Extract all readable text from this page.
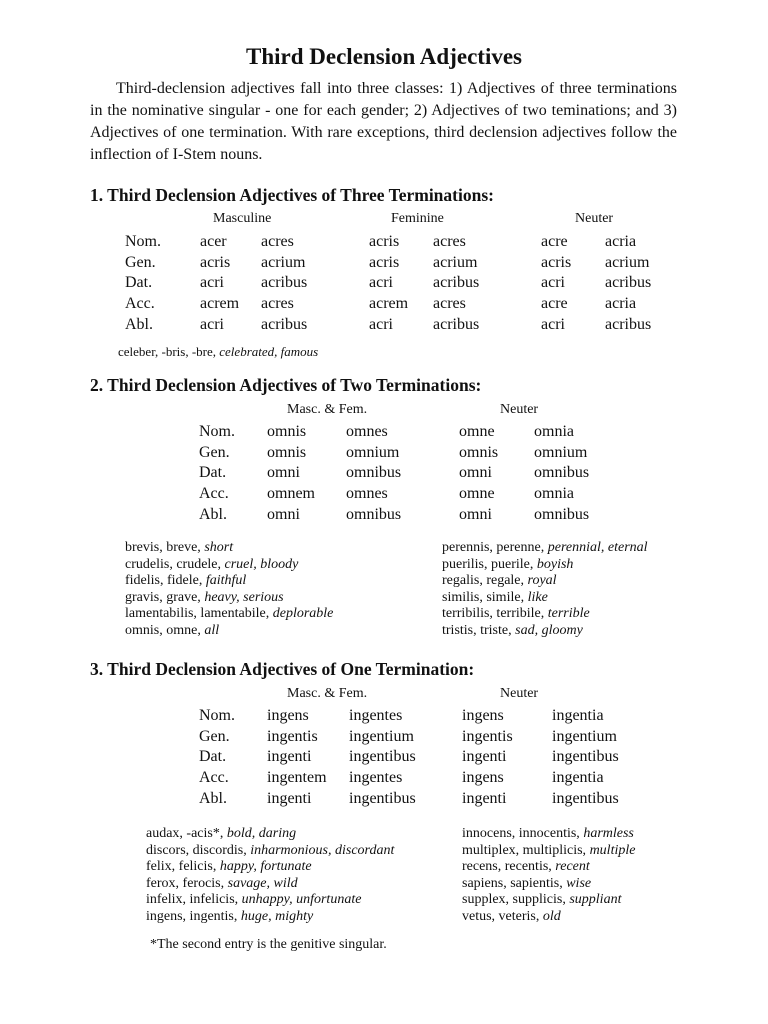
Third Declension Adjectives

Third-declension adjectives fall into three classes: 1) Adjectives of three terminations in the nominative singular - one for each gender; 2) Adjectives of two teminations; and 3) Adjectives of one termination. With rare exceptions, third declension adjectives follow the inflection of I-Stem nouns.

1. Third Declension Adjectives of Three Terminations:
Masculine	Feminine	Neuter
Nom.	acer	acres	acris	acres	acre	acria
Gen.	acris	acrium	acris	acrium	acris	acrium
Dat.	acri	acribus	acri	acribus	acri	acribus
Acc.	acrem	acres	acrem	acres	acre	acria
Abl.	acri	acribus	acri	acribus	acri	acribus
celeber, -bris, -bre, celebrated, famous
2. Third Declension Adjectives of Two Terminations:
Masc. & Fem.	Neuter
Nom.	omnis	omnes	omne	omnia
Gen.	omnis	omnium	omnis	omnium
Dat.	omni	omnibus	omni	omnibus
Acc.	omnem	omnes	omne	omnia
Abl.	omni	omnibus	omni	omnibus
brevis, breve, short
crudelis, crudele, cruel, bloody
fidelis, fidele, faithful
gravis, grave, heavy, serious
lamentabilis, lamentabile, deplorable
omnis, omne, all
perennis, perenne, perennial, eternal
puerilis, puerile, boyish
regalis, regale, royal
similis, simile, like
terribilis, terribile, terrible
tristis, triste, sad, gloomy
3. Third Declension Adjectives of One Termination:
Masc. & Fem.	Neuter
Nom.	ingens	ingentes	ingens	ingentia
Gen.	ingentis	ingentium	ingentis	ingentium
Dat.	ingenti	ingentibus	ingenti	ingentibus
Acc.	ingentem	ingentes	ingens	ingentia
Abl.	ingenti	ingentibus	ingenti	ingentibus
audax, -acis*, bold, daring
discors, discordis, inharmonious, discordant
felix, felicis, happy, fortunate
ferox, ferocis, savage, wild
infelix, infelicis, unhappy, unfortunate
ingens, ingentis, huge, mighty
innocens, innocentis, harmless
multiplex, multiplicis, multiple
recens, recentis, recent
sapiens, sapientis, wise
supplex, supplicis, suppliant
vetus, veteris, old
*The second entry is the genitive singular.
